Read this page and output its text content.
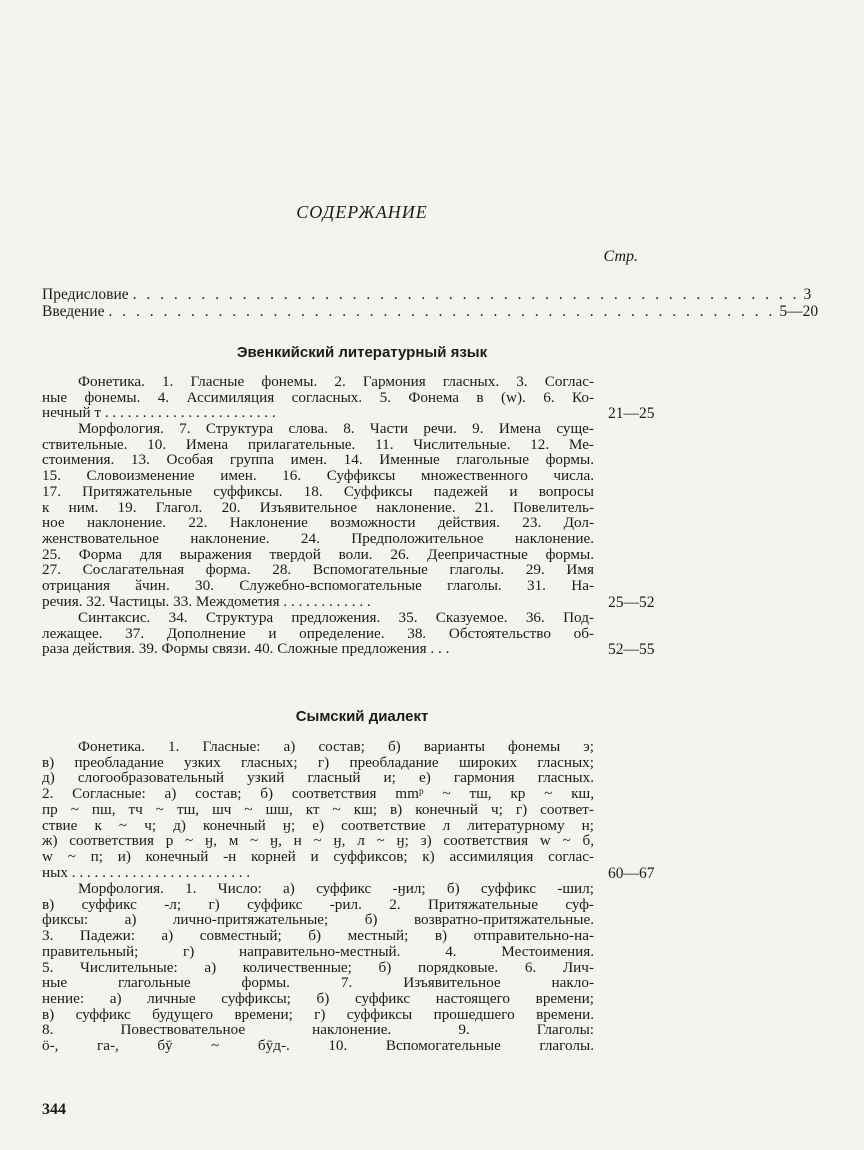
СОДЕРЖАНИЕ
Стр.
Предисловие . . . . . . . . . . . . . . . . . . . . . . . . . . . . . . . . . . . . . . . . . . . . . . . . . 3
Введение . . . . . . . . . . . . . . . . . . . . . . . . . . . . . . . . . . . . . . . . . . . . . . . . . 5—20
Эвенкийский литературный язык
Фонетика. 1. Гласные фонемы. 2. Гармония гласных. 3. Соглас-
ные фонемы. 4. Ассимиляция согласных. 5. Фонема в (w). 6. Ко-
нечный т . . . . . . . . . . . . . . . . . . . . . . .	21—25
Морфология. 7. Структура слова. 8. Части речи. 9. Имена суще-
ствительные. 10. Имена прилагательные. 11. Числительные. 12. Ме-
стоимения. 13. Особая группа имен. 14. Именные глагольные формы.
15. Словоизменение имен. 16. Суффиксы множественного числа.
17. Притяжательные суффиксы. 18. Суффиксы падежей и вопросы
к ним. 19. Глагол. 20. Изъявительное наклонение. 21. Повелитель-
ное наклонение. 22. Наклонение возможности действия. 23. Дол-
женствовательное наклонение. 24. Предположительное наклонение.
25. Форма для выражения твердой воли. 26. Деепричастные формы.
27. Сослагательная форма. 28. Вспомогательные глаголы. 29. Имя
отрицания ӑчин. 30. Служебно-вспомогательные глаголы. 31. На-
речия. 32. Частицы. 33. Междометия . . . . . . . . . . . .	25—52
Синтаксис. 34. Структура предложения. 35. Сказуемое. 36. Под-
лежащее. 37. Дополнение и определение. 38. Обстоятельство об-
раза действия. 39. Формы связи. 40. Сложные предложения . . .	52—55
Сымский диалект
Фонетика. 1. Гласные: а) состав; б) варианты фонемы э;
в) преобладание узких гласных; г) преобладание широких гласных;
д) слогообразовательный узкий гласный и; е) гармония гласных.
2. Согласные: а) состав; б) соответствия mmᵖ ~ тш, кр ~ кш,
пр ~ пш, тч ~ тш, шч ~ шш, кт ~ кш; в) конечный ч; г) соответ-
ствие к ~ ч; д) конечный ӈ; е) соответствие л литературному н;
ж) соответствия р ~ ӈ, м ~ ӈ, н ~ ӈ, л ~ ӈ; з) соответствия w ~ б,
w ~ п; и) конечный -н корней и суффиксов; к) ассимиляция соглас-
ных . . . . . . . . . . . . . . . . . . . . . . . .	60—67
Морфология. 1. Число: а) суффикс -ӈил; б) суффикс -шил;
в) суффикс -л; г) суффикс -рил. 2. Притяжательные суф-
фиксы: а) лично-притяжательные; б) возвратно-притяжательные.
3. Падежи: а) совместный; б) местный; в) отправительно-на-
правительный; г) направительно-местный. 4. Местоимения.
5. Числительные: а) количественные; б) порядковые. 6. Лич-
ные глагольные формы. 7. Изъявительное накло-
нение: а) личные суффиксы; б) суффикс настоящего времени;
в) суффикс будущего времени; г) суффиксы прошедшего времени.
8. Повествовательное наклонение. 9. Глаголы:
ӧ-, га-, бӯ ~ бӯд-. 10. Вспомогательные глаголы.
344
